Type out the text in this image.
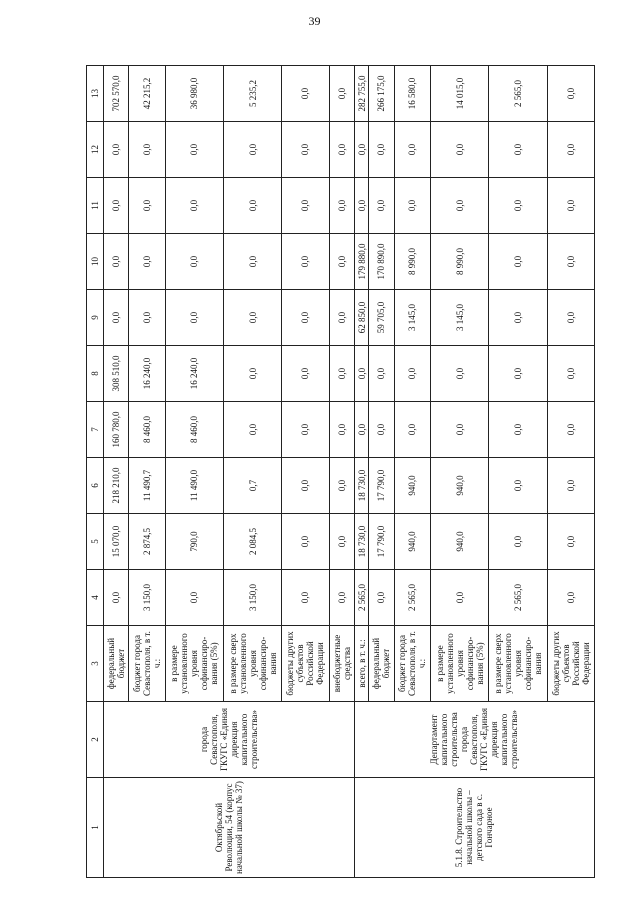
39
1	2	3	4	5	6	7	8	9	10	11	12	13
Октябрьской Революции, 54 (корпус начальной школы № 37)	города Севастополя, ГКУГС «Единая дирекция капитального строительства»	федеральный бюджет	0,0	15 070,0	218 210,0	160 780,0	308 510,0	0,0	0,0	0,0	0,0	702 570,0
		бюджет города Севастополя, в т. ч.:	3 150,0	2 874,5	11 490,7	8 460,0	16 240,0	0,0	0,0	0,0	0,0	42 215,2
		в размере установленного уровня софинансиро-вания (5%)	0,0	790,0	11 490,0	8 460,0	16 240,0	0,0	0,0	0,0	0,0	36 980,0
		в размере сверх установленного уровня софинансиро-вания	3 150,0	2 084,5	0,7	0,0	0,0	0,0	0,0	0,0	0,0	5 235,2
		бюджеты других субъектов Российской Федерации	0,0	0,0	0,0	0,0	0,0	0,0	0,0	0,0	0,0	0,0
		внебюджетные средства	0,0	0,0	0,0	0,0	0,0	0,0	0,0	0,0	0,0	0,0
5.1.8. Строительство начальной школы – детского сада в с. Гончарное	Департамент капитального строительства города Севастополя, ГКУГС «Единая дирекция капитального строительства»	всего, в т. ч.:	2 565,0	18 730,0	18 730,0	0,0	0,0	62 850,0	179 880,0	0,0	0,0	282 755,0
		федеральный бюджет	0,0	17 790,0	17 790,0	0,0	0,0	59 705,0	170 890,0	0,0	0,0	266 175,0
		бюджет города Севастополя, в т. ч.:	2 565,0	940,0	940,0	0,0	0,0	3 145,0	8 990,0	0,0	0,0	16 580,0
		в размере установленного уровня софинансиро-вания (5%)	0,0	940,0	940,0	0,0	0,0	3 145,0	8 990,0	0,0	0,0	14 015,0
		в размере сверх установленного уровня софинансиро-вания	2 565,0	0,0	0,0	0,0	0,0	0,0	0,0	0,0	0,0	2 565,0
		бюджеты других субъектов Российской Федерации	0,0	0,0	0,0	0,0	0,0	0,0	0,0	0,0	0,0	0,0
